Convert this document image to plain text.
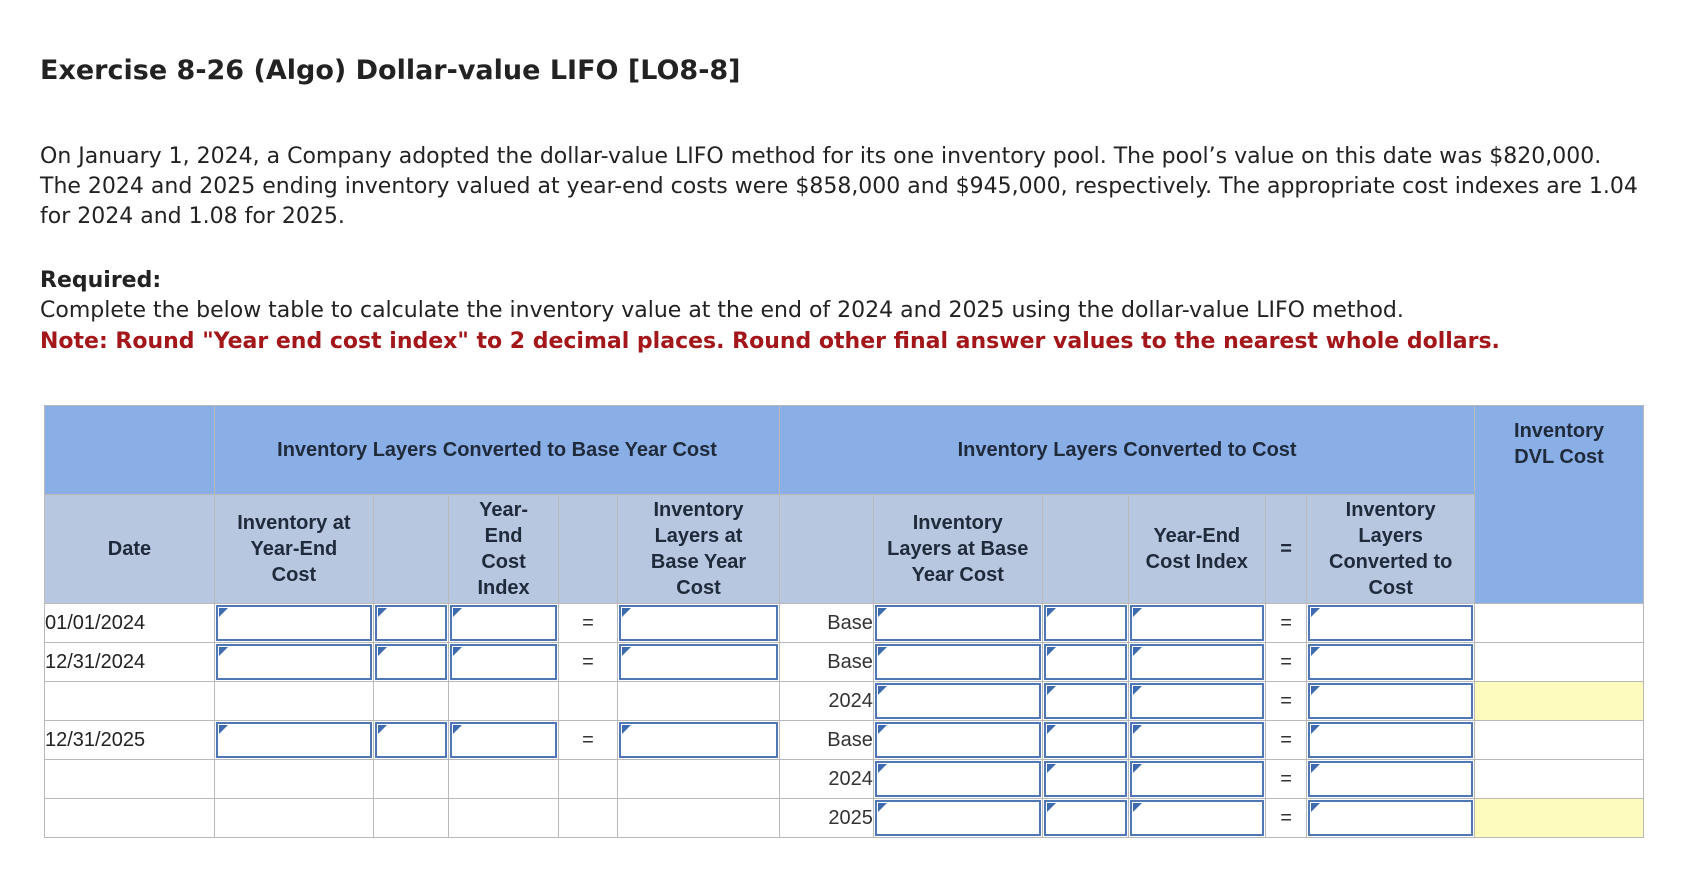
Exercise 8-26 (Algo) Dollar-value LIFO [LO8-8]

On January 1, 2024, a Company adopted the dollar-value LIFO method for its one inventory pool. The pool’s value on this date was $820,000. The 2024 and 2025 ending inventory valued at year-end costs were $858,000 and $945,000, respectively. The appropriate cost indexes are 1.04 for 2024 and 1.08 for 2025.

Required:

Complete the below table to calculate the inventory value at the end of 2024 and 2025 using the dollar-value LIFO method.

Note: Round "Year end cost index" to 2 decimal places. Round other final answer values to the nearest whole dollars.

	Inventory Layers Converted to Base Year Cost					Inventory Layers Converted to Cost						Inventory DVL Cost

Date	Inventory at Year-End Cost		Year-End Cost Index		Inventory Layers at Base Year Cost		Inventory Layers at Base Year Cost		Year-End Cost Index	=	Inventory Layers Converted to Cost	

01/01/2024				=		Base				=	

12/31/2024				=		Base				=	

						2024				=	

12/31/2025				=		Base				=	

						2024				=	

						2025				=	
